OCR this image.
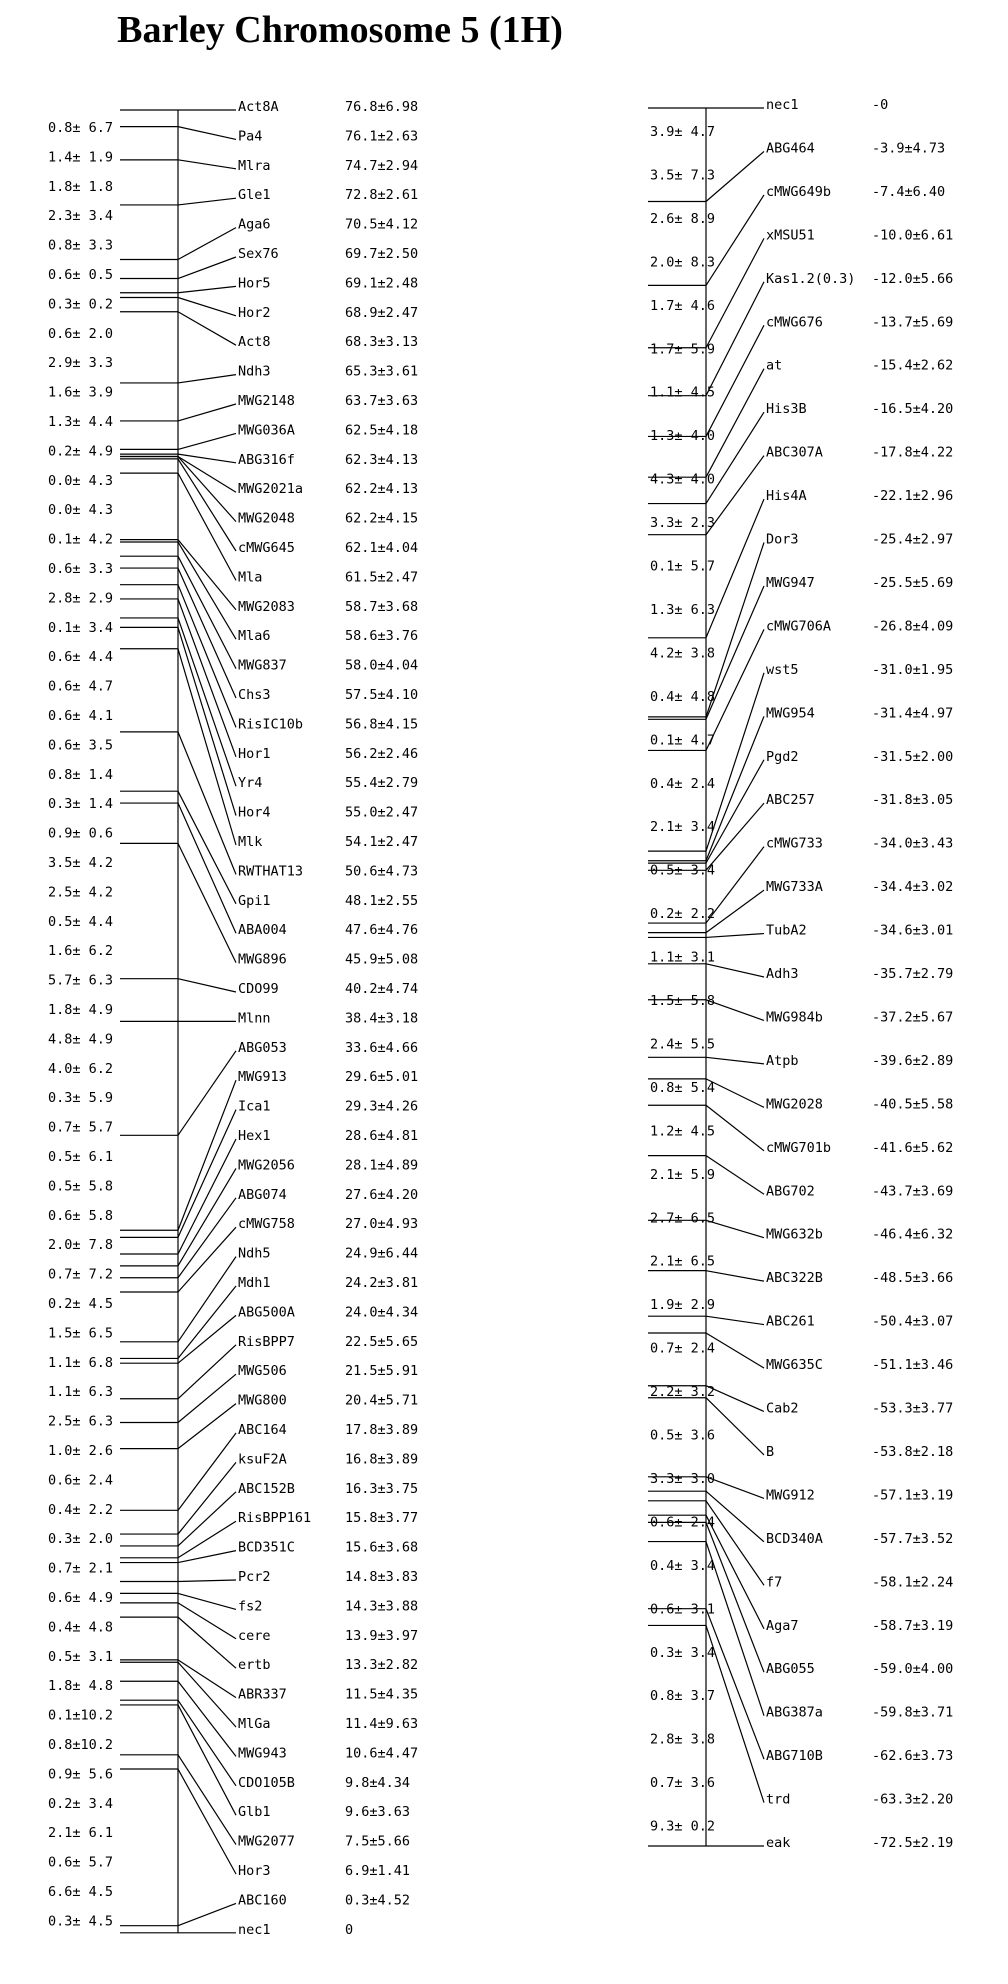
Barley Chromosome 5 (1H)
Act8A	76.8±6.98
Pa4	76.1±2.63
Mlra	74.7±2.94
Gle1	72.8±2.61
Aga6	70.5±4.12
Sex76	69.7±2.50
Hor5	69.1±2.48
Hor2	68.9±2.47
Act8	68.3±3.13
Ndh3	65.3±3.61
MWG2148	63.7±3.63
MWG036A	62.5±4.18
ABG316f	62.3±4.13
MWG2021a	62.2±4.13
MWG2048	62.2±4.15
cMWG645	62.1±4.04
Mla	61.5±2.47
MWG2083	58.7±3.68
Mla6	58.6±3.76
MWG837	58.0±4.04
Chs3	57.5±4.10
RisIC10b	56.8±4.15
Hor1	56.2±2.46
Yr4	55.4±2.79
Hor4	55.0±2.47
Mlk	54.1±2.47
RWTHAT13	50.6±4.73
Gpi1	48.1±2.55
ABA004	47.6±4.76
MWG896	45.9±5.08
CDO99	40.2±4.74
Mlnn	38.4±3.18
ABG053	33.6±4.66
MWG913	29.6±5.01
Ica1	29.3±4.26
Hex1	28.6±4.81
MWG2056	28.1±4.89
ABG074	27.6±4.20
cMWG758	27.0±4.93
Ndh5	24.9±6.44
Mdh1	24.2±3.81
ABG500A	24.0±4.34
RisBPP7	22.5±5.65
MWG506	21.5±5.91
MWG800	20.4±5.71
ABC164	17.8±3.89
ksuF2A	16.8±3.89
ABC152B	16.3±3.75
RisBPP161	15.8±3.77
BCD351C	15.6±3.68
Pcr2	14.8±3.83
fs2	14.3±3.88
cere	13.9±3.97
ertb	13.3±2.82
ABR337	11.5±4.35
MlGa	11.4±9.63
MWG943	10.6±4.47
CDO105B	9.8±4.34
Glb1	9.6±3.63
MWG2077	7.5±5.66
Hor3	6.9±1.41
ABC160	0.3±4.52
nec1	0
0.8± 6.7
1.4± 1.9
1.8± 1.8
2.3± 3.4
0.8± 3.3
0.6± 0.5
0.3± 0.2
0.6± 2.0
2.9± 3.3
1.6± 3.9
1.3± 4.4
0.2± 4.9
0.0± 4.3
0.0± 4.3
0.1± 4.2
0.6± 3.3
2.8± 2.9
0.1± 3.4
0.6± 4.4
0.6± 4.7
0.6± 4.1
0.6± 3.5
0.8± 1.4
0.3± 1.4
0.9± 0.6
3.5± 4.2
2.5± 4.2
0.5± 4.4
1.6± 6.2
5.7± 6.3
1.8± 4.9
4.8± 4.9
4.0± 6.2
0.3± 5.9
0.7± 5.7
0.5± 6.1
0.5± 5.8
0.6± 5.8
2.0± 7.8
0.7± 7.2
0.2± 4.5
1.5± 6.5
1.1± 6.8
1.1± 6.3
2.5± 6.3
1.0± 2.6
0.6± 2.4
0.4± 2.2
0.3± 2.0
0.7± 2.1
0.6± 4.9
0.4± 4.8
0.5± 3.1
1.8± 4.8
0.1±10.2
0.8±10.2
0.9± 5.6
0.2± 3.4
2.1± 6.1
0.6± 5.7
6.6± 4.5
0.3± 4.5
nec1	-0
ABG464	-3.9±4.73
cMWG649b	-7.4±6.40
xMSU51	-10.0±6.61
Kas1.2(0.3) -12.0±5.66
cMWG676	-13.7±5.69
at	-15.4±2.62
His3B	-16.5±4.20
ABC307A	-17.8±4.22
His4A	-22.1±2.96
Dor3	-25.4±2.97
MWG947	-25.5±5.69
cMWG706A	-26.8±4.09
wst5	-31.0±1.95
MWG954	-31.4±4.97
Pgd2	-31.5±2.00
ABC257	-31.8±3.05
cMWG733	-34.0±3.43
MWG733A	-34.4±3.02
TubA2	-34.6±3.01
Adh3	-35.7±2.79
MWG984b	-37.2±5.67
Atpb	-39.6±2.89
MWG2028	-40.5±5.58
cMWG701b	-41.6±5.62
ABG702	-43.7±3.69
MWG632b	-46.4±6.32
ABC322B	-48.5±3.66
ABC261	-50.4±3.07
MWG635C	-51.1±3.46
Cab2	-53.3±3.77
B	-53.8±2.18
MWG912	-57.1±3.19
BCD340A	-57.7±3.52
f7	-58.1±2.24
Aga7	-58.7±3.19
ABG055	-59.0±4.00
ABG387a	-59.8±3.71
ABG710B	-62.6±3.73
trd	-63.3±2.20
eak	-72.5±2.19
3.9± 4.7
3.5± 7.3
2.6± 8.9
2.0± 8.3
1.7± 4.6
1.7± 5.9
1.1± 4.5
1.3± 4.0
4.3± 4.0
3.3± 2.3
0.1± 5.7
1.3± 6.3
4.2± 3.8
0.4± 4.8
0.1± 4.7
0.4± 2.4
2.1± 3.4
0.5± 3.4
0.2± 2.2
1.1± 3.1
1.5± 5.8
2.4± 5.5
0.8± 5.4
1.2± 4.5
2.1± 5.9
2.7± 6.5
2.1± 6.5
1.9± 2.9
0.7± 2.4
2.2± 3.2
0.5± 3.6
3.3± 3.0
0.6± 2.4
0.4± 3.4
0.6± 3.1
0.3± 3.4
0.8± 3.7
2.8± 3.8
0.7± 3.6
9.3± 0.2
